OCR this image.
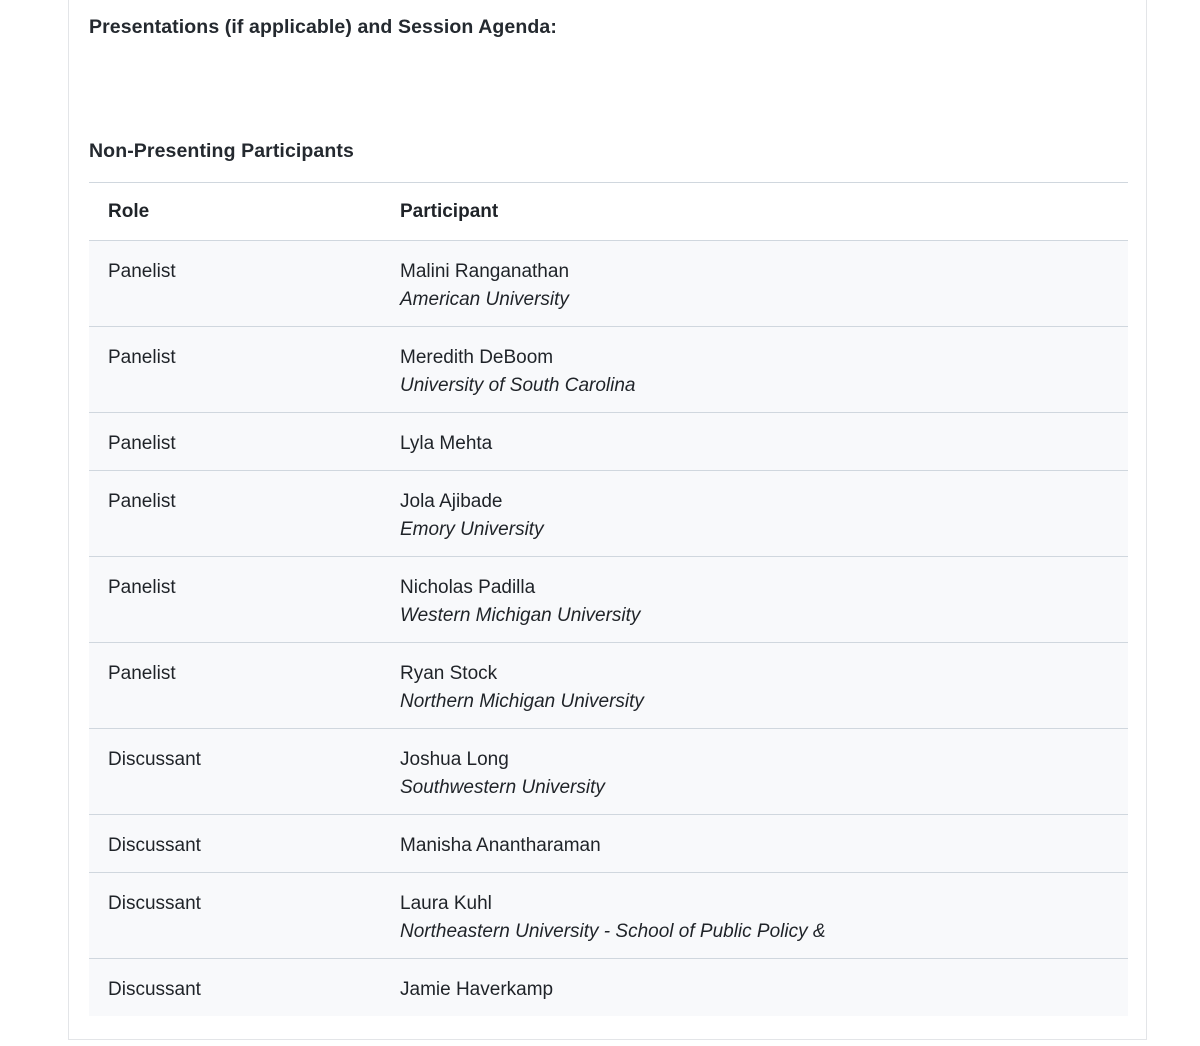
Presentations (if applicable) and Session Agenda:
Non-Presenting Participants
Role	Participant
Panelist	Malini Ranganathan
American University
Panelist	Meredith DeBoom
University of South Carolina
Panelist	Lyla Mehta
Panelist	Jola Ajibade
Emory University
Panelist	Nicholas Padilla
Western Michigan University
Panelist	Ryan Stock
Northern Michigan University
Discussant	Joshua Long
Southwestern University
Discussant	Manisha Anantharaman
Discussant	Laura Kuhl
Northeastern University - School of Public Policy &
Discussant	Jamie Haverkamp
